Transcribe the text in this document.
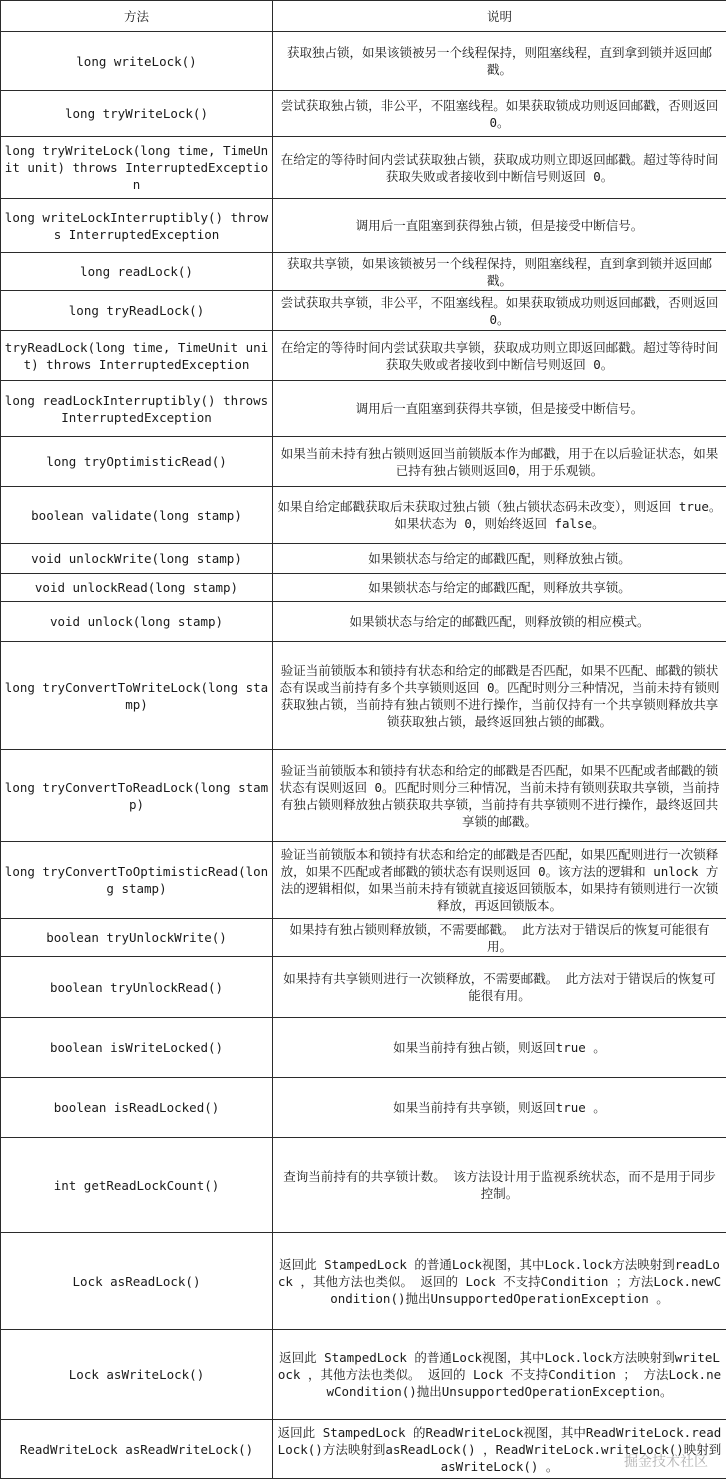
方法	说明
long writeLock()	获取独占锁，如果该锁被另一个线程保持，则阻塞线程，直到拿到锁并返回邮戳。
long tryWriteLock()	尝试获取独占锁，非公平，不阻塞线程。如果获取锁成功则返回邮戳，否则返回 0。
long tryWriteLock(long time, TimeUnit unit) throws InterruptedException	在给定的等待时间内尝试获取独占锁，获取成功则立即返回邮戳。超过等待时间获取失败或者接收到中断信号则返回 0。
long writeLockInterruptibly() throws InterruptedException	调用后一直阻塞到获得独占锁，但是接受中断信号。
long readLock()	获取共享锁，如果该锁被另一个线程保持，则阻塞线程，直到拿到锁并返回邮戳。
long tryReadLock()	尝试获取共享锁，非公平，不阻塞线程。如果获取锁成功则返回邮戳，否则返回 0。
tryReadLock(long time, TimeUnit unit) throws InterruptedException	在给定的等待时间内尝试获取共享锁，获取成功则立即返回邮戳。超过等待时间获取失败或者接收到中断信号则返回 0。
long readLockInterruptibly() throws InterruptedException	调用后一直阻塞到获得共享锁，但是接受中断信号。
long tryOptimisticRead()	如果当前未持有独占锁则返回当前锁版本作为邮戳，用于在以后验证状态，如果已持有独占锁则返回0，用于乐观锁。
boolean validate(long stamp)	如果自给定邮戳获取后未获取过独占锁（独占锁状态码未改变），则返回 true。 如果状态为 0，则始终返回 false。
void unlockWrite(long stamp)	如果锁状态与给定的邮戳匹配，则释放独占锁。
void unlockRead(long stamp)	如果锁状态与给定的邮戳匹配，则释放共享锁。
void unlock(long stamp)	如果锁状态与给定的邮戳匹配，则释放锁的相应模式。
long tryConvertToWriteLock(long stamp)	验证当前锁版本和锁持有状态和给定的邮戳是否匹配，如果不匹配、邮戳的锁状态有误或当前持有多个共享锁则返回 0。匹配时则分三种情况，当前未持有锁则获取独占锁，当前持有独占锁则不进行操作，当前仅持有一个共享锁则释放共享锁获取独占锁，最终返回独占锁的邮戳。
long tryConvertToReadLock(long stamp)	验证当前锁版本和锁持有状态和给定的邮戳是否匹配，如果不匹配或者邮戳的锁状态有误则返回 0。匹配时则分三种情况，当前未持有锁则获取共享锁，当前持有独占锁则释放独占锁获取共享锁，当前持有共享锁则不进行操作，最终返回共享锁的邮戳。
long tryConvertToOptimisticRead(long stamp)	验证当前锁版本和锁持有状态和给定的邮戳是否匹配，如果匹配则进行一次锁释放，如果不匹配或者邮戳的锁状态有误则返回 0。该方法的逻辑和 unlock 方法的逻辑相似，如果当前未持有锁就直接返回锁版本，如果持有锁则进行一次锁释放，再返回锁版本。
boolean tryUnlockWrite()	如果持有独占锁则释放锁，不需要邮戳。 此方法对于错误后的恢复可能很有用。
boolean tryUnlockRead()	如果持有共享锁则进行一次锁释放，不需要邮戳。 此方法对于错误后的恢复可能很有用。
boolean isWriteLocked()	如果当前持有独占锁，则返回true 。
boolean isReadLocked()	如果当前持有共享锁，则返回true 。
int getReadLockCount()	查询当前持有的共享锁计数。 该方法设计用于监视系统状态，而不是用于同步控制。
Lock asReadLock()	返回此 StampedLock 的普通Lock视图，其中Lock.lock方法映射到readLock ，其他方法也类似。 返回的 Lock 不支持Condition ；方法Lock.newCondition()抛出UnsupportedOperationException 。
Lock asWriteLock()	返回此 StampedLock 的普通Lock视图，其中Lock.lock方法映射到writeLock ，其他方法也类似。 返回的 Lock 不支持Condition ； 方法Lock.newCondition()抛出UnsupportedOperationException。
ReadWriteLock asReadWriteLock()	返回此 StampedLock 的ReadWriteLock视图，其中ReadWriteLock.readLock()方法映射到asReadLock() ，ReadWriteLock.writeLock()映射到asWriteLock() 。	掘金技术社区
